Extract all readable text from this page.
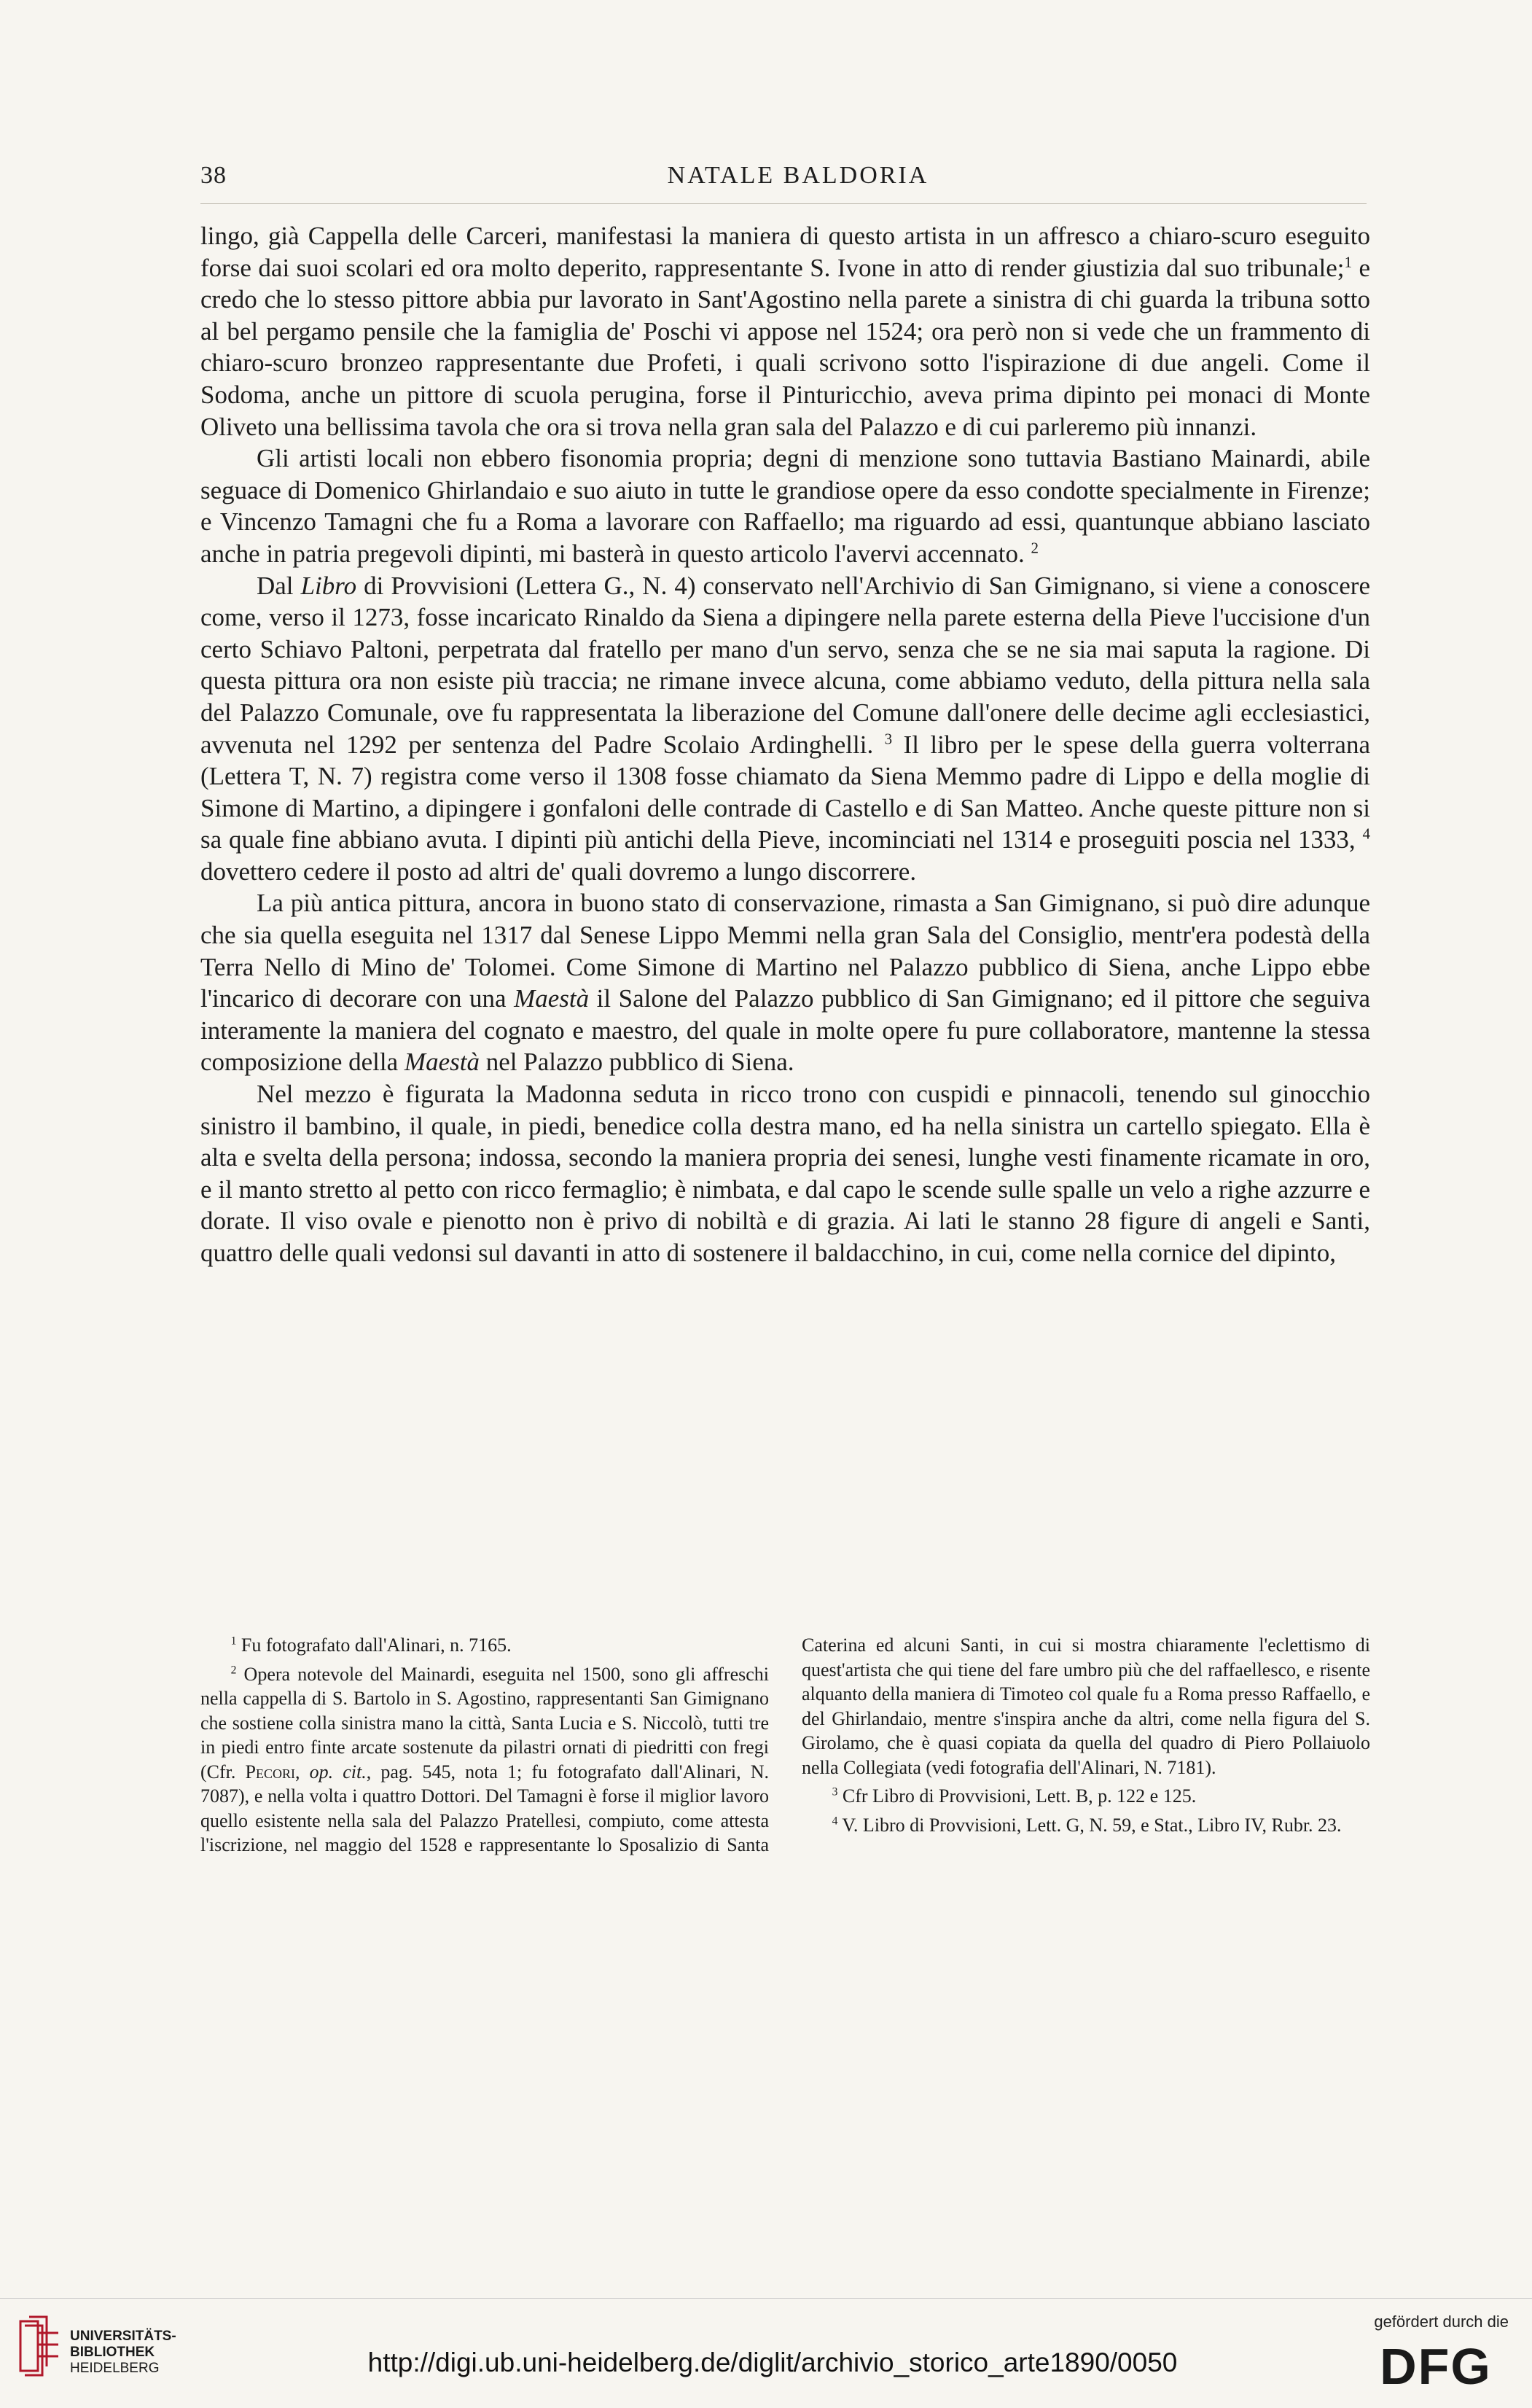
38	NATALE BALDORIA

lingo, già Cappella delle Carceri, manifestasi la maniera di questo artista in un affresco a chiaro-scuro eseguito forse dai suoi scolari ed ora molto deperito, rappresentante S. Ivone in atto di render giustizia dal suo tribunale;$^1$ e credo che lo stesso pittore abbia pur lavorato in Sant'Agostino nella parete a sinistra di chi guarda la tribuna sotto al bel pergamo pensile che la famiglia de' Poschi vi appose nel 1524; ora però non si vede che un frammento di chiaro-scuro bronzeo rappresentante due Profeti, i quali scrivono sotto l'ispirazione di due angeli. Come il Sodoma, anche un pittore di scuola perugina, forse il Pinturicchio, aveva prima dipinto pei monaci di Monte Oliveto una bellissima tavola che ora si trova nella gran sala del Palazzo e di cui parleremo più innanzi.

Gli artisti locali non ebbero fisonomia propria; degni di menzione sono tuttavia Bastiano Mainardi, abile seguace di Domenico Ghirlandaio e suo aiuto in tutte le grandiose opere da esso condotte specialmente in Firenze; e Vincenzo Tamagni che fu a Roma a lavorare con Raffaello; ma riguardo ad essi, quantunque abbiano lasciato anche in patria pregevoli dipinti, mi basterà in questo articolo l'avervi accennato. $^2$

Dal Libro di Provvisioni (Lettera G., N. 4) conservato nell'Archivio di San Gimignano, si viene a conoscere come, verso il 1273, fosse incaricato Rinaldo da Siena a dipingere nella parete esterna della Pieve l'uccisione d'un certo Schiavo Paltoni, perpetrata dal fratello per mano d'un servo, senza che se ne sia mai saputa la ragione. Di questa pittura ora non esiste più traccia; ne rimane invece alcuna, come abbiamo veduto, della pittura nella sala del Palazzo Comunale, ove fu rappresentata la liberazione del Comune dall'onere delle decime agli ecclesiastici, avvenuta nel 1292 per sentenza del Padre Scolaio Ardinghelli. $^3$ Il libro per le spese della guerra volterrana (Lettera T, N. 7) registra come verso il 1308 fosse chiamato da Siena Memmo padre di Lippo e della moglie di Simone di Martino, a dipingere i gonfaloni delle contrade di Castello e di San Matteo. Anche queste pitture non si sa quale fine abbiano avuta. I dipinti più antichi della Pieve, incominciati nel 1314 e proseguiti poscia nel 1333, $^4$ dovettero cedere il posto ad altri de' quali dovremo a lungo discorrere.

La più antica pittura, ancora in buono stato di conservazione, rimasta a San Gimignano, si può dire adunque che sia quella eseguita nel 1317 dal Senese Lippo Memmi nella gran Sala del Consiglio, mentr'era podestà della Terra Nello di Mino de' Tolomei. Come Simone di Martino nel Palazzo pubblico di Siena, anche Lippo ebbe l'incarico di decorare con una Maestà il Salone del Palazzo pubblico di San Gimignano; ed il pittore che seguiva interamente la maniera del cognato e maestro, del quale in molte opere fu pure collaboratore, mantenne la stessa composizione della Maestà nel Palazzo pubblico di Siena.

Nel mezzo è figurata la Madonna seduta in ricco trono con cuspidi e pinnacoli, tenendo sul ginocchio sinistro il bambino, il quale, in piedi, benedice colla destra mano, ed ha nella sinistra un cartello spiegato. Ella è alta e svelta della persona; indossa, secondo la maniera propria dei senesi, lunghe vesti finamente ricamate in oro, e il manto stretto al petto con ricco fermaglio; è nimbata, e dal capo le scende sulle spalle un velo a righe azzurre e dorate. Il viso ovale e pienotto non è privo di nobiltà e di grazia. Ai lati le stanno 28 figure di angeli e Santi, quattro delle quali vedonsi sul davanti in atto di sostenere il baldacchino, in cui, come nella cornice del dipinto,

$^1$ Fu fotografato dall'Alinari, n. 7165.

$^2$ Opera notevole del Mainardi, eseguita nel 1500, sono gli affreschi nella cappella di S. Bartolo in S. Agostino, rappresentanti San Gimignano che sostiene colla sinistra mano la città, Santa Lucia e S. Niccolò, tutti tre in piedi entro finte arcate sostenute da pilastri ornati di piedritti con fregi (Cfr. Pecori, op. cit., pag. 545, nota 1; fu fotografato dall'Alinari, N. 7087), e nella volta i quattro Dottori. Del Tamagni è forse il miglior lavoro quello esistente nella sala del Palazzo Pratellesi, compiuto, come attesta l'iscrizione, nel maggio del 1528 e rappresentante lo Sposalizio di Santa Caterina ed alcuni Santi, in cui si mostra chiaramente l'eclettismo di quest'artista che qui tiene del fare umbro più che del raffaellesco, e risente alquanto della maniera di Timoteo col quale fu a Roma presso Raffaello, e del Ghirlandaio, mentre s'inspira anche da altri, come nella figura del S. Girolamo, che è quasi copiata da quella del quadro di Piero Pollaiuolo nella Collegiata (vedi fotografia dell'Alinari, N. 7181).

$^3$ Cfr Libro di Provvisioni, Lett. B, p. 122 e 125.

$^4$ V. Libro di Provvisioni, Lett. G, N. 59, e Stat., Libro IV, Rubr. 23.

UNIVERSITÄTS-
BIBLIOTHEK
HEIDELBERG	http://digi.ub.uni-heidelberg.de/diglit/archivio_storico_arte1890/0050
gefördert durch die
DFG
